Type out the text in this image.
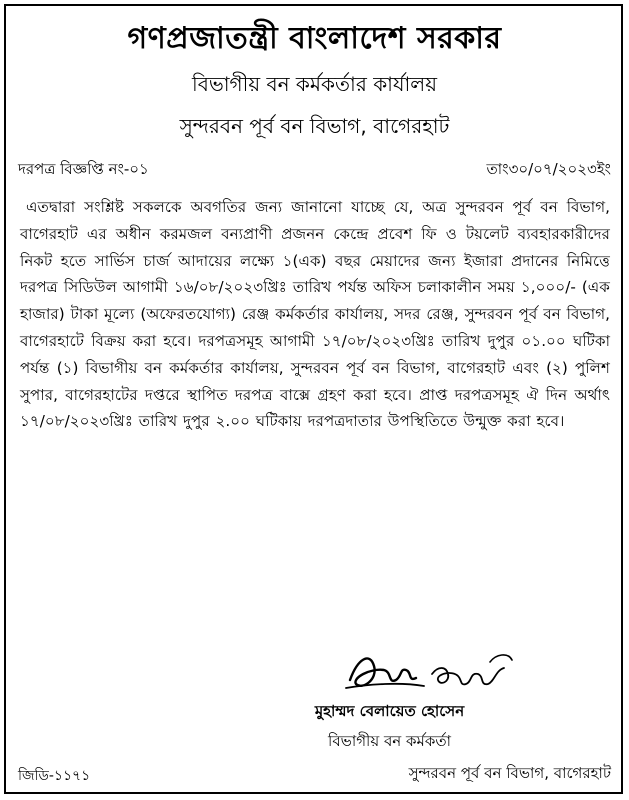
গণপ্রজাতন্ত্রী বাংলাদেশ সরকার
বিভাগীয় বন কর্মকর্তার কার্যালয়
সুন্দরবন পূর্ব বন বিভাগ, বাগেরহাট
দরপত্র বিজ্ঞপ্তি নং-০১	তাং৩০/০৭/২০২৩ইং
এতদ্বারা সংশ্লিষ্ট সকলকে অবগতির জন্য জানানো যাচ্ছে যে, অত্র সুন্দরবন পূর্ব বন বিভাগ, বাগেরহাট এর অধীন করমজল বন্যপ্রাণী প্রজনন কেন্দ্রে প্রবেশ ফি ও টয়লেট ব্যবহারকারীদের নিকট হতে সার্ভিস চার্জ আদায়ের লক্ষ্যে ১(এক) বছর মেয়াদের জন্য ইজারা প্রদানের নিমিত্তে দরপত্র সিডিউল আগামী ১৬/০৮/২০২৩খ্রিঃ তারিখ পর্যন্ত অফিস চলাকালীন সময় ১,০০০/- (এক হাজার) টাকা মূল্যে (অফেরতযোগ্য) রেঞ্জ কর্মকর্তার কার্যালয়, সদর রেঞ্জ, সুন্দরবন পূর্ব বন বিভাগ, বাগেরহাটে বিক্রয় করা হবে। দরপত্রসমূহ আগামী ১৭/০৮/২০২৩খ্রিঃ তারিখ দুপুর ০১.০০ ঘটিকা পর্যন্ত (১) বিভাগীয় বন কর্মকর্তার কার্যালয়, সুন্দরবন পূর্ব বন বিভাগ, বাগেরহাট এবং (২) পুলিশ সুপার, বাগেরহাটের দপ্তরে স্থাপিত দরপত্র বাক্সে গ্রহণ করা হবে। প্রাপ্ত দরপত্রসমূহ ঐ দিন অর্থাৎ ১৭/০৮/২০২৩খ্রিঃ তারিখ দুপুর ২.০০ ঘটিকায় দরপত্রদাতার উপস্থিতিতে উন্মুক্ত করা হবে।
মুহাম্মদ বেলায়েত হোসেন
বিভাগীয় বন কর্মকর্তা
জিডি-১১৭১	সুন্দরবন পূর্ব বন বিভাগ, বাগেরহাট
